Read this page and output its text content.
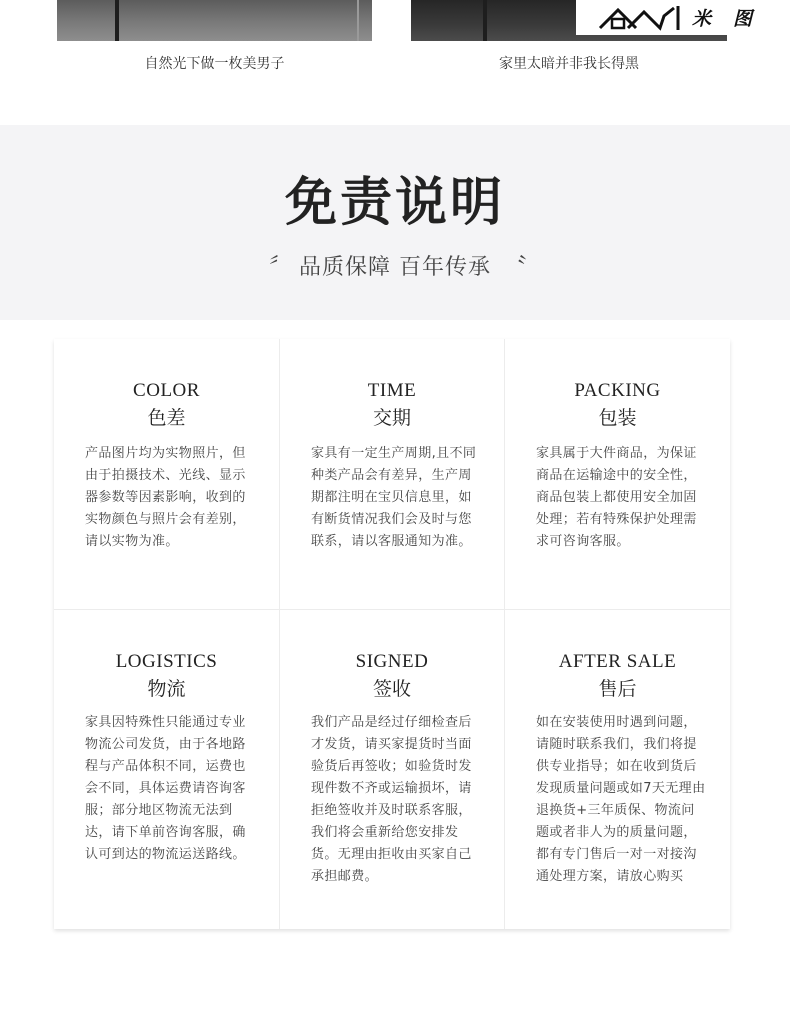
自然光下做一枚美男子	家里太暗并非我长得黑
米图
免责说明
〞 品质保障 百年传承 〝
COLOR
色差
产品图片均为实物照片，但由于拍摄技术、光线、显示器参数等因素影响，收到的实物颜色与照片会有差别，请以实物为准。
TIME
交期
家具有一定生产周期,且不同种类产品会有差异，生产周期都注明在宝贝信息里，如有断货情况我们会及时与您联系，请以客服通知为准。
PACKING
包装
家具属于大件商品，为保证商品在运输途中的安全性，商品包装上都使用安全加固处理；若有特殊保护处理需求可咨询客服。
LOGISTICS
物流
家具因特殊性只能通过专业物流公司发货，由于各地路程与产品体积不同，运费也会不同，具体运费请咨询客服；部分地区物流无法到达，请下单前咨询客服，确认可到达的物流运送路线。
SIGNED
签收
我们产品是经过仔细检查后才发货，请买家提货时当面验货后再签收；如验货时发现件数不齐或运输损坏，请拒绝签收并及时联系客服，我们将会重新给您安排发货。无理由拒收由买家自己承担邮费。
AFTER SALE
售后
如在安装使用时遇到问题，请随时联系我们，我们将提供专业指导；如在收到货后发现质量问题或如7天无理由退换货+三年质保、物流问题或者非人为的质量问题，都有专门售后一对一对接沟通处理方案，请放心购买
